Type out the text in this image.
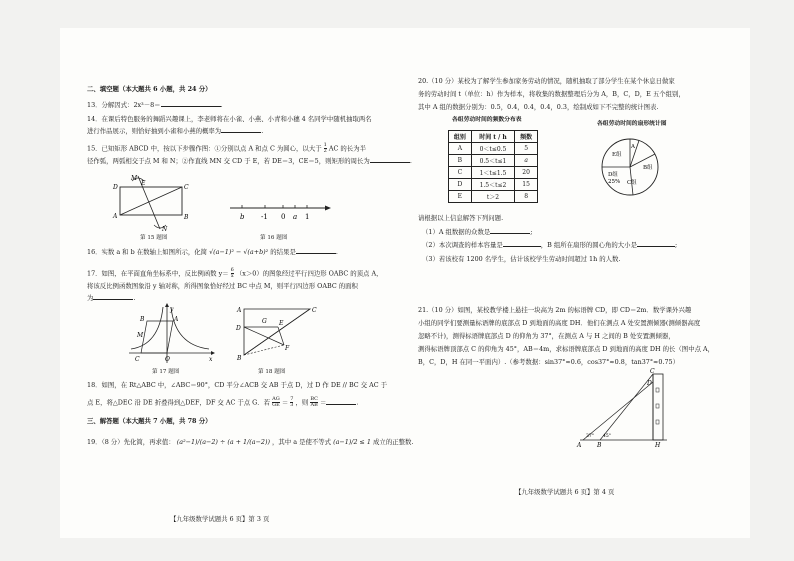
二、填空题（本大题共 6 小题，共 24 分）
13．分解因式：2x³－8＝	.
14．在课后特色服务的舞蹈兴趣课上，李老师将在小雀、小燕、小青和小穗 4 名同学中随机抽取两名
进行作品展示，则恰好抽到小雀和小燕的概率为	.
15．已知矩形 ABCD 中，按以下步骤作图：①分别以点 A 和点 C 为圆心，以大于 $\frac{1}{2}$ AC 的长为半
径作弧，两弧相交于点 M 和 N；②作直线 MN 交 CD 于 E，若 DE＝3，CE＝5，则矩形的周长为	.
D	C
A	B
E
M
N
第 15 题图
b -1 0 a 1
第 16 题图
16．实数 a 和 b 在数轴上如图所示，化简 √(a−1)² − √(a+b)² 的结果是	.
17．如图，在平面直角坐标系中，反比例函数 $y= \frac{6}{x} (x>0)$的图象经过平行四边形 OABC 的顶点 A，
将该反比例函数图象沿 y 轴对称，所得图象恰好经过 BC 中点 M，则平行四边形 OABC 的面积
为	.
O
A
B
C
M
x
y
第 17 题图
B
A	C
D
E
G
F
第 18 题图
18．如图，在 Rt△ABC 中，∠ABC＝90°，CD 平分∠ACB 交 AB 于点 D，过 D 作 DE // BC 交 AC 于
点 E，将△DEC 沿 DE 折叠得到△DEF，DF 交 AC 于点 G．若 $\frac{AG}{GE} = \frac{7}{3}$ ，则 $\frac{BC}{AB}$ ＝	.
三、解答题（本大题共 7 小题，共 78 分）
19．（8 分）先化简，再求值： (a²−1)/(a−2) ÷ (a + 1/(a−2)) ，其中 a 是使不等式 (a−1)/2 ≤ 1 成立的正整数.
【九年级数学试题共 6 页】第 3 页
20.（10 分）某校为了解学生参加家务劳动的情况，随机抽取了部分学生在某个休息日做家
务的劳动时间 t（单位：h）作为样本，将收集的数据整理后分为 A，B，C，D，E 五个组别，
其中 A 组的数据分别为：0.5，0.4，0.4，0.4，0.3，绘制成如下不完整的统计图表.
各组劳动时间的频数分布表
各组劳动时间的扇形统计图
组别	时间 t / h	频数
A	0＜t≤0.5	5
B	0.5＜t≤1	a
C	1＜t≤1.5	20
D	1.5＜t≤2	15
E	t＞2	8
A
B组
C组
D组
25%
E组
请根据以上信息解答下列问题.
（1）A 组数据的众数是	;
（2）本次调查的样本容量是	，B 组所在扇形的圆心角的大小是	;
（3）若该校有 1200 名学生，估计该校学生劳动时间超过 1h 的人数.
21.（10 分）如图，某校教学楼上悬挂一块高为 2m 的标语牌 CD，即 CD＝2m．数学课外兴趣
小组的同学们要测量标语牌的底部点 D 到地面的高度 DH．他们在测点 A 处安置测倾器(测倾器高度
忽略不计)，测得标语牌底部点 D 的仰角为 37°，在测点 A 与 H 之间的 B 处安置测倾器，
测得标语牌顶部点 C 的仰角为 45°，AB＝4m，求标语牌底部点 D 到地面的高度 DH 的长（图中点 A，
B，C，D，H 在同一平面内）.（参考数据：sin37°≈0.6，cos37°≈0.8，tan37°≈0.75）
C
D
A	B	H
37° 45°
【九年级数学试题共 6 页】第 4 页
